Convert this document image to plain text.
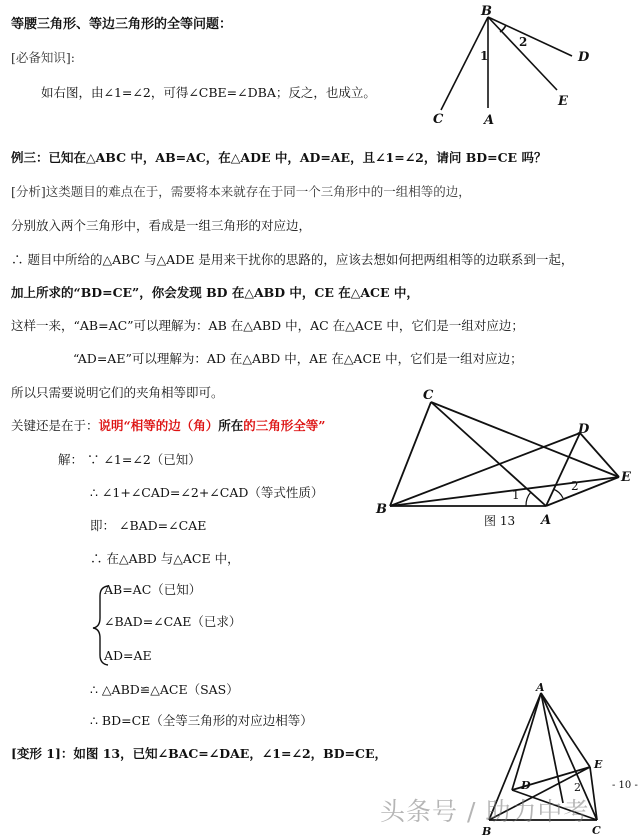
等腰三角形、等边三角形的全等问题：
[必备知识]:
如右图，由∠1=∠2，可得∠CBE=∠DBA；反之，也成立。
B
C	A
D
E
1
2
例三：已知在△ABC 中，AB=AC，在△ADE 中，AD=AE，且∠1=∠2，请问 BD=CE 吗？
[分析]这类题目的难点在于，需要将本来就存在于同一个三角形中的一组相等的边，
分别放入两个三角形中，看成是一组三角形的对应边，
∴ 题目中所给的△ABC 与△ADE 是用来干扰你的思路的，应该去想如何把两组相等的边联系到一起，
加上所求的“BD=CE”，你会发现 BD 在△ABD 中，CE 在△ACE 中，
这样一来，“AB=AC”可以理解为：AB 在△ABD 中，AC 在△ACE 中，它们是一组对应边；
“AD=AE”可以理解为：AD 在△ABD 中，AE 在△ACE 中，它们是一组对应边；
所以只需要说明它们的夹角相等即可。
关键还是在于：说明“相等的边（角）所在的三角形全等”
解： ∵ ∠1=∠2（已知）
∴ ∠1+∠CAD=∠2+∠CAD（等式性质）
即： ∠BAD=∠CAE
∴ 在△ABD 与△ACE 中，
AB=AC（已知）
∠BAD=∠CAE（已求）
AD=AE
∴ △ABD≌△ACE（SAS）
∴ BD=CE（全等三角形的对应边相等）
[变形 1]：如图 13，已知∠BAC=∠DAE，∠1=∠2，BD=CE，
C
D
E
B
A
1
2
图 13
A
E
D
B	C
2	- 10 -
头条号 / 助力中考
